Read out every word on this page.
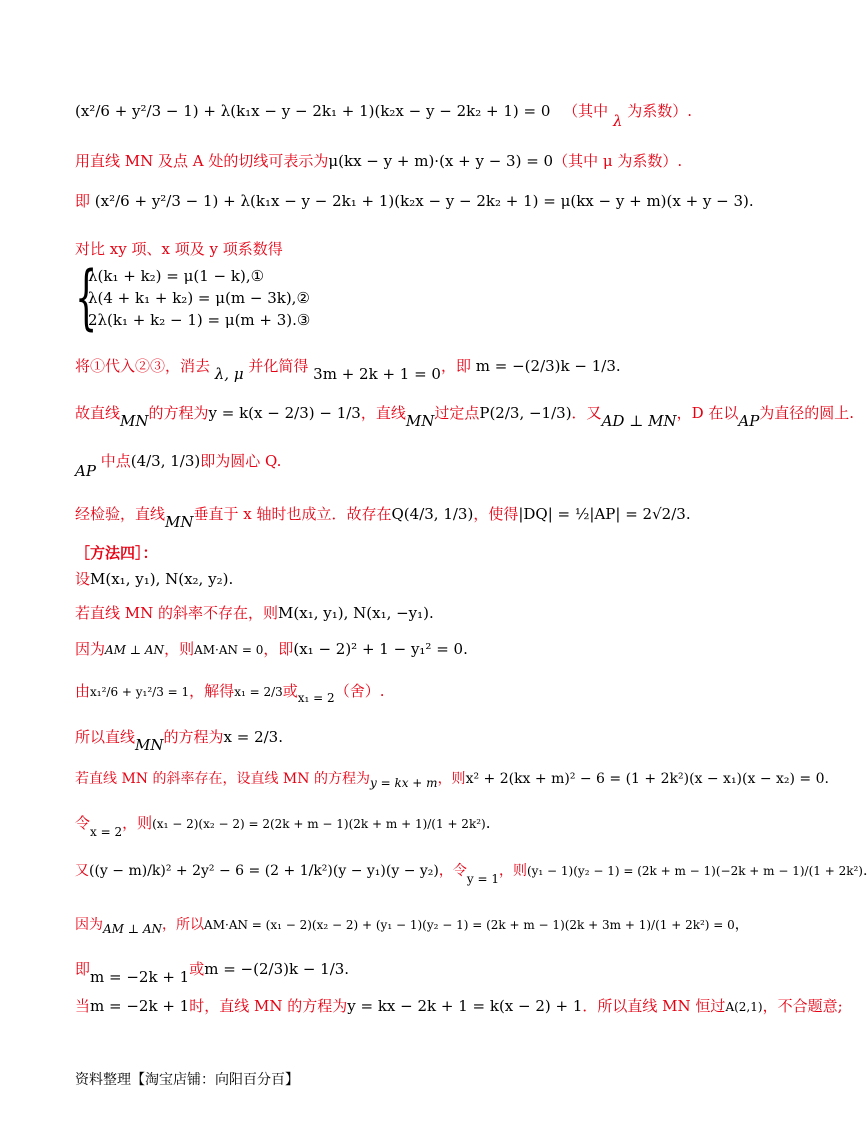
(x²/6 + y²/3 − 1) + λ(k₁x − y − 2k₁ + 1)(k₂x − y − 2k₂ + 1) = 0 （其中 λ 为系数）.
用直线 MN 及点 A 处的切线可表示为μ(kx − y + m)·(x + y − 3) = 0（其中 μ 为系数）.
即 (x²/6 + y²/3 − 1) + λ(k₁x − y − 2k₁ + 1)(k₂x − y − 2k₂ + 1) = μ(kx − y + m)(x + y − 3).
对比 xy 项、x 项及 y 项系数得
{
λ(k₁ + k₂) = μ(1 − k),①
λ(4 + k₁ + k₂) = μ(m − 3k),②
2λ(k₁ + k₂ − 1) = μ(m + 3).③
将①代入②③，消去 λ, μ 并化简得 3m + 2k + 1 = 0，即 m = −(2/3)k − 1/3.
故直线MN的方程为y = k(x − 2/3) − 1/3，直线MN过定点P(2/3, −1/3)．又AD ⊥ MN，D 在以AP为直径的圆上.
AP 中点(4/3, 1/3)即为圆心 Q.
经检验，直线MN垂直于 x 轴时也成立．故存在Q(4/3, 1/3)，使得|DQ| = ½|AP| = 2√2/3.
［方法四］：
设M(x₁, y₁), N(x₂, y₂).
若直线 MN 的斜率不存在，则M(x₁, y₁), N(x₁, −y₁).
因为AM ⊥ AN，则AM·AN = 0，即(x₁ − 2)² + 1 − y₁² = 0.
由x₁²/6 + y₁²/3 = 1，解得x₁ = 2/3或$_{x_1 = 2}$（舍）.
所以直线MN的方程为x = 2/3.
若直线 MN 的斜率存在，设直线 MN 的方程为y = kx + m，则x² + 2(kx + m)² − 6 = (1 + 2k²)(x − x₁)(x − x₂) = 0.
令$_{x = 2}$，则(x₁ − 2)(x₂ − 2) = 2(2k + m − 1)(2k + m + 1)/(1 + 2k²).
又((y − m)/k)² + 2y² − 6 = (2 + 1/k²)(y − y₁)(y − y₂)，令y = 1，则(y₁ − 1)(y₂ − 1) = (2k + m − 1)(−2k + m − 1)/(1 + 2k²)
因为AM ⊥ AN，所以AM·AN = (x₁ − 2)(x₂ − 2) + (y₁ − 1)(y₂ − 1) = (2k + m − 1)(2k + 3m + 1)/(1 + 2k²) = 0，
即m = −2k + 1或m = −(2/3)k − 1/3.
当m = −2k + 1时，直线 MN 的方程为y = kx − 2k + 1 = k(x − 2) + 1．所以直线 MN 恒过A(2,1)，不合题意;
资料整理【淘宝店铺：向阳百分百】
